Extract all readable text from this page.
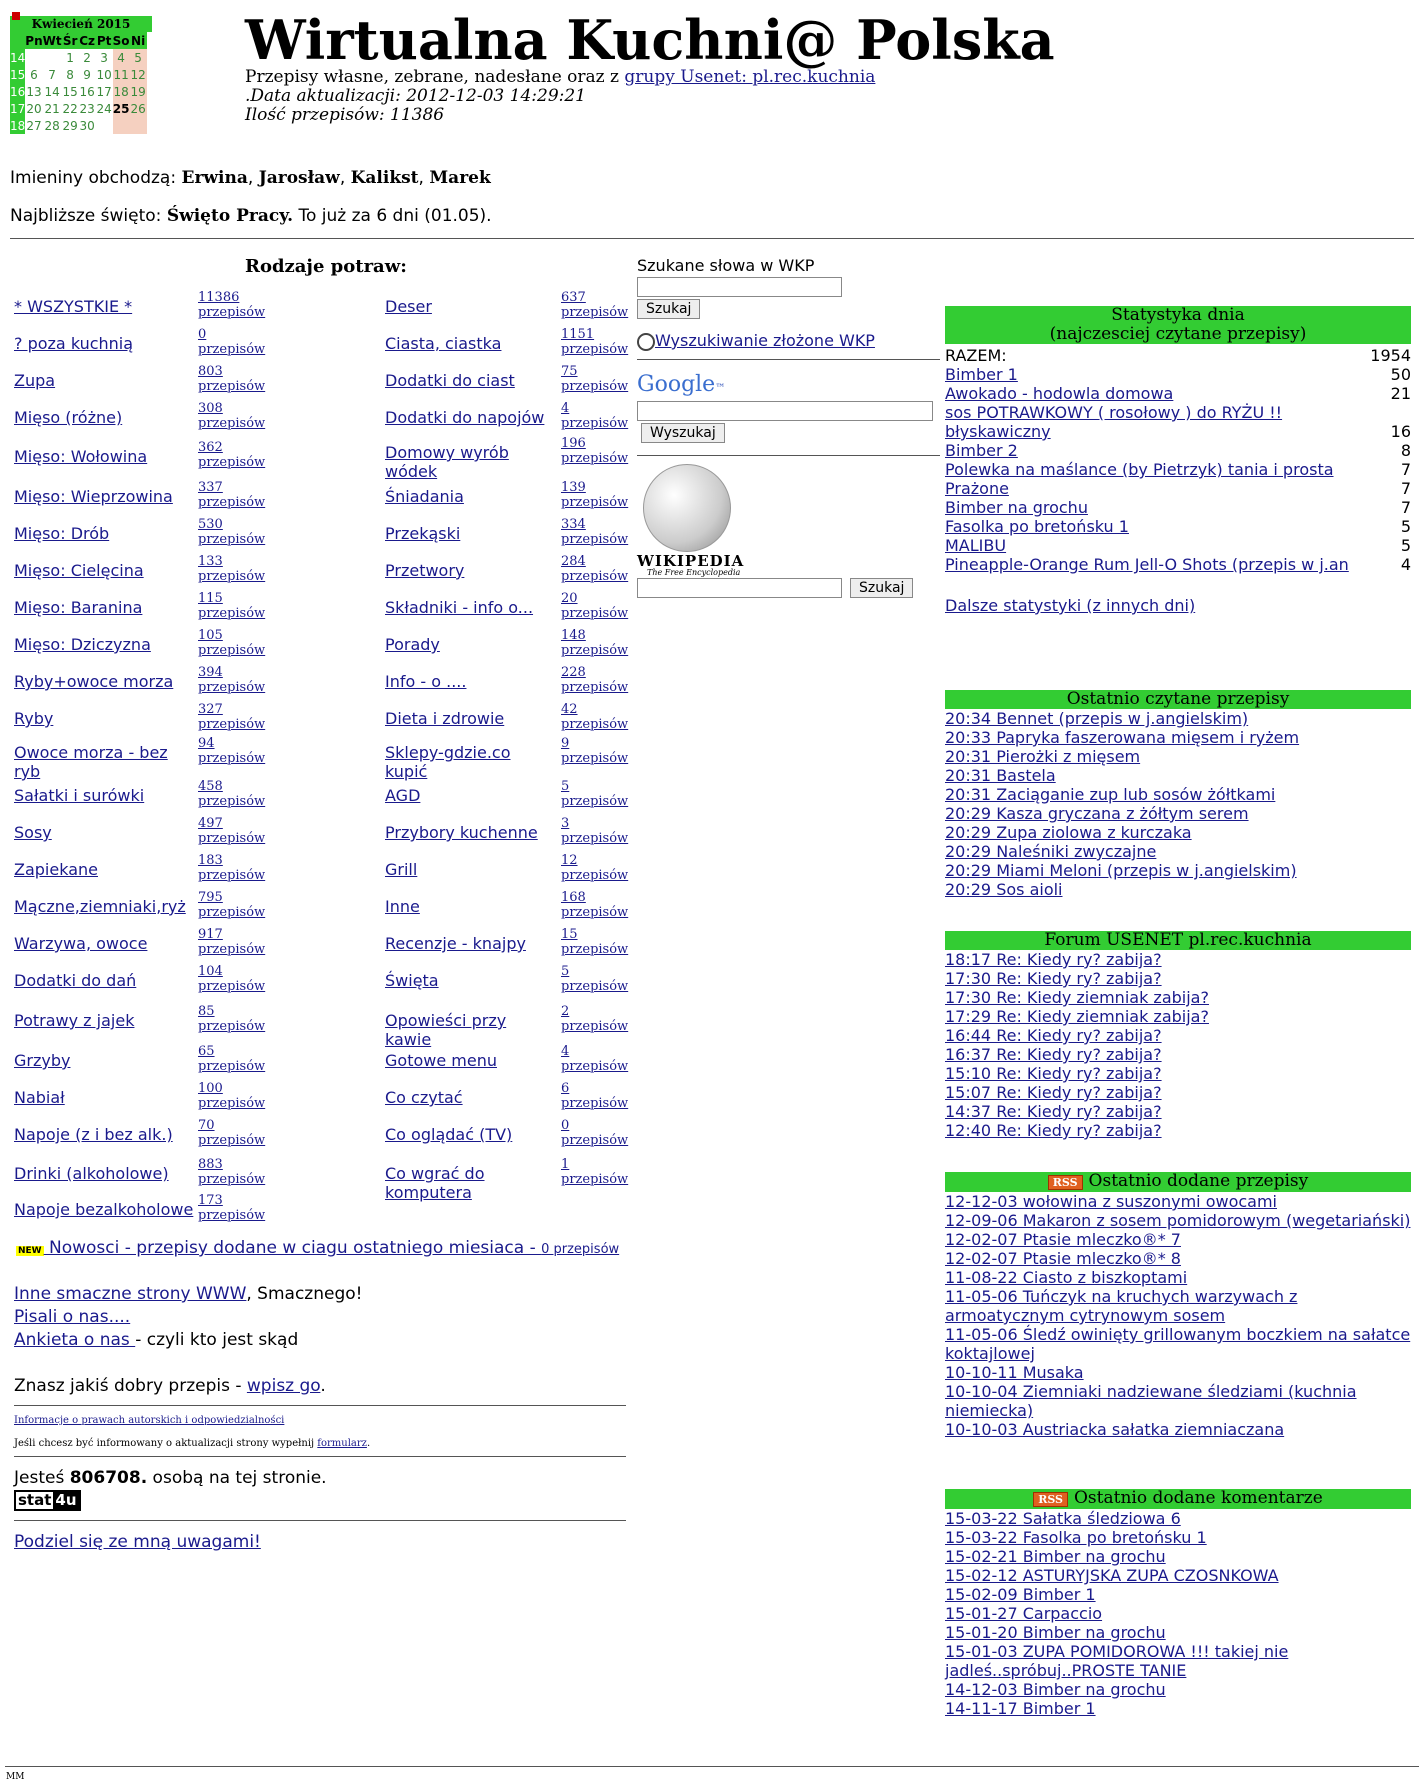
Kwiecień 2015
	Pn	Wt	Śr	Cz	Pt	So	Ni
14			1	2	3	4	5
15	6	7	8	9	10	11	12
16	13	14	15	16	17	18	19
17	20	21	22	23	24	25	26
18	27	28	29	30			
Wirtualna Kuchni@ Polska
Przepisy własne, zebrane, nadesłane oraz z grupy Usenet: pl.rec.kuchnia
.Data aktualizacji: 2012-12-03 14:29:21
Ilość przepisów: 11386
Imieniny obchodzą: Erwina, Jarosław, Kalikst, Marek
Najbliższe święto: Święto Pracy. To już za 6 dni (01.05).
Rodzaje potraw:
* WSZYSTKIE *	11386
przepisów
? poza kuchnią	0
przepisów
Zupa	803
przepisów
Mięso (różne)	308
przepisów
Mięso: Wołowina	362
przepisów
Mięso: Wieprzowina	337
przepisów
Mięso: Drób	530
przepisów
Mięso: Cielęcina	133
przepisów
Mięso: Baranina	115
przepisów
Mięso: Dziczyzna	105
przepisów
Ryby+owoce morza	394
przepisów
Ryby	327
przepisów
Owoce morza - bez ryb
94
przepisów
Sałatki i surówki	458
przepisów
Sosy	497
przepisów
Zapiekane	183
przepisów
Mączne,ziemniaki,ryż 795
przepisów
Warzywa, owoce	917
przepisów
Dodatki do dań	104
przepisów
Potrawy z jajek	85
przepisów
Grzyby	65
przepisów
Nabiał	100
przepisów
Napoje (z i bez alk.)	70
przepisów
Drinki (alkoholowe)	883
przepisów
Napoje bezalkoholowe 173
przepisów
Deser	637
przepisów
Ciasta, ciastka	1151
przepisów
Dodatki do ciast	75
przepisów
Dodatki do napojów	4
przepisów
Domowy wyrób wódek
196
przepisów
Śniadania	139
przepisów
Przekąski	334
przepisów
Przetwory	284
przepisów
Składniki - info o...	20
przepisów
Porady	148
przepisów
Info - o ....	228
przepisów
Dieta i zdrowie	42
przepisów
Sklepy-gdzie.co kupić
9
przepisów
AGD	5
przepisów
Przybory kuchenne	3
przepisów
Grill	12
przepisów
Inne	168
przepisów
Recenzje - knajpy	15
przepisów
Święta	5
przepisów
Opowieści przy kawie
2
przepisów
Gotowe menu	4
przepisów
Co czytać	6
przepisów
Co oglądać (TV)	0
przepisów
Co wgrać do komputera
1
przepisów
NEW Nowosci - przepisy dodane w ciagu ostatniego miesiaca - 0 przepisów
Inne smaczne strony WWW, Smacznego!
Pisali o nas....
Ankieta o nas - czyli kto jest skąd

Znasz jakiś dobry przepis - wpisz go.
Informacje o prawach autorskich i odpowiedzialności
Jeśli chcesz być informowany o aktualizacji strony wypełnij formularz.
Jesteś 806708. osobą na tej stronie.
stat 4u
Podziel się ze mną uwagami!
Szukane słowa w WKP
Szukaj
Wyszukiwanie złożone WKP
Google™
Wyszukaj
WIKIPEDIA
The Free Encyclopedia
Szukaj
Statystyka dnia
(najczesciej czytane przepisy)
RAZEM:	1954
Bimber 1	50
Awokado - hodowla domowa	21
sos POTRAWKOWY ( rosołowy ) do RYŻU !! błyskawiczny	16
Bimber 2	8
Polewka na maślance (by Pietrzyk) tania i prosta	7
Prażone	7
Bimber na grochu	7
Fasolka po bretońsku 1	5
MALIBU	5
Pineapple-Orange Rum Jell-O Shots (przepis w j.an	4
Dalsze statystyki (z innych dni)
Ostatnio czytane przepisy
20:34 Bennet (przepis w j.angielskim)
20:33 Papryka faszerowana mięsem i ryżem
20:31 Pierożki z mięsem
20:31 Bastela
20:31 Zaciąganie zup lub sosów żółtkami
20:29 Kasza gryczana z żółtym serem
20:29 Zupa ziolowa z kurczaka
20:29 Naleśniki zwyczajne
20:29 Miami Meloni (przepis w j.angielskim)
20:29 Sos aioli
Forum USENET pl.rec.kuchnia
18:17 Re: Kiedy ry? zabija?
17:30 Re: Kiedy ry? zabija?
17:30 Re: Kiedy ziemniak zabija?
17:29 Re: Kiedy ziemniak zabija?
16:44 Re: Kiedy ry? zabija?
16:37 Re: Kiedy ry? zabija?
15:10 Re: Kiedy ry? zabija?
15:07 Re: Kiedy ry? zabija?
14:37 Re: Kiedy ry? zabija?
12:40 Re: Kiedy ry? zabija?
RSS Ostatnio dodane przepisy
12-12-03 wołowina z suszonymi owocami
12-09-06 Makaron z sosem pomidorowym (wegetariański)
12-02-07 Ptasie mleczko®* 7
12-02-07 Ptasie mleczko®* 8
11-08-22 Ciasto z biszkoptami
11-05-06 Tuńczyk na kruchych warzywach z armoatycznym cytrynowym sosem
11-05-06 Śledź owinięty grillowanym boczkiem na sałatce koktajlowej
10-10-11 Musaka
10-10-04 Ziemniaki nadziewane śledziami (kuchnia niemiecka)
10-10-03 Austriacka sałatka ziemniaczana
RSS Ostatnio dodane komentarze
15-03-22 Sałatka śledziowa 6
15-03-22 Fasolka po bretońsku 1
15-02-21 Bimber na grochu
15-02-12 ASTURYJSKA ZUPA CZOSNKOWA
15-02-09 Bimber 1
15-01-27 Carpaccio
15-01-20 Bimber na grochu
15-01-03 ZUPA POMIDOROWA !!! takiej nie jadleś..spróbuj..PROSTE TANIE
14-12-03 Bimber na grochu
14-11-17 Bimber 1
MM
